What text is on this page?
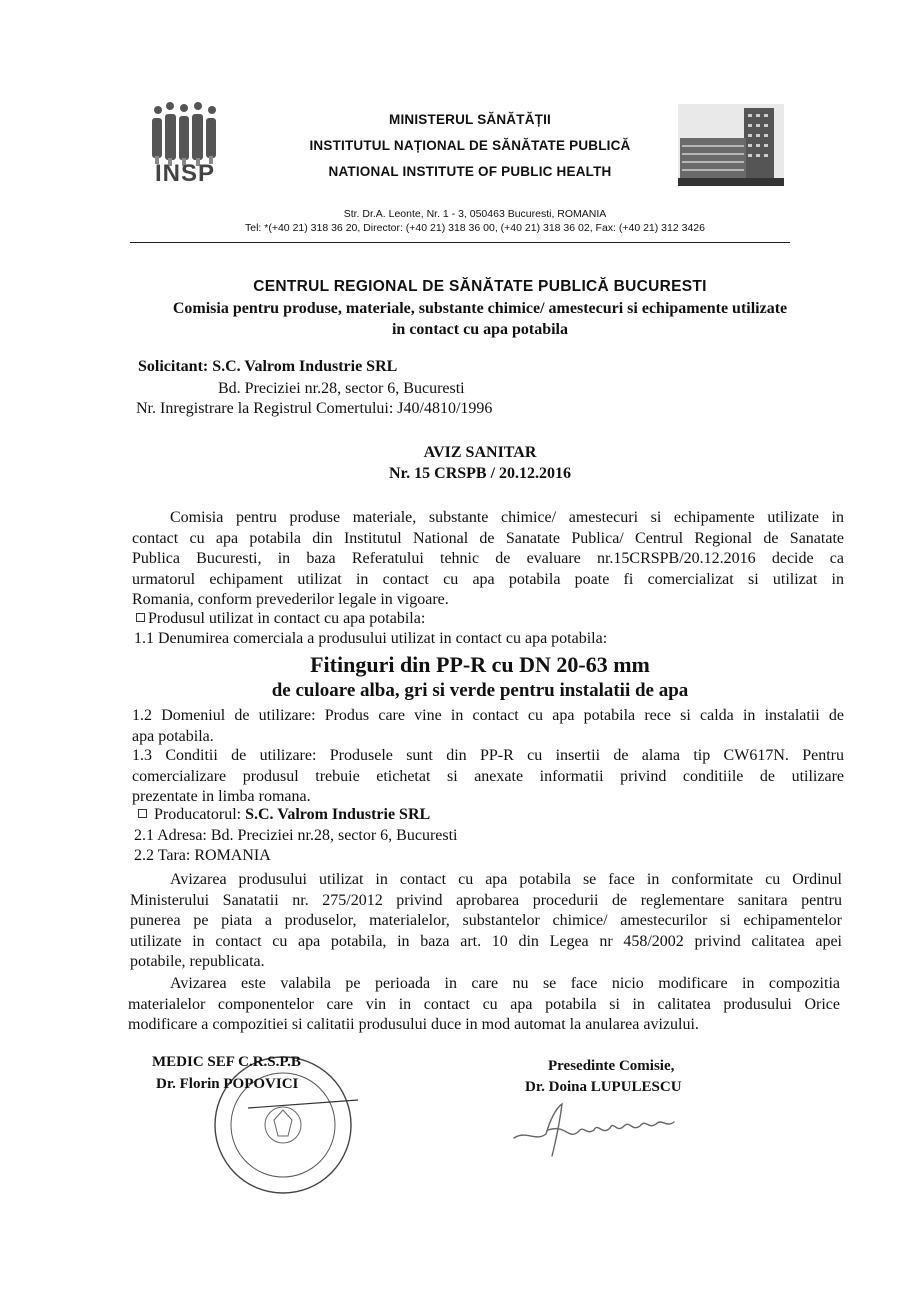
INSP
MINISTERUL SĂNĂTĂȚII
INSTITUTUL NAȚIONAL DE SĂNĂTATE PUBLICĂ
NATIONAL INSTITUTE OF PUBLIC HEALTH
Str. Dr.A. Leonte, Nr. 1 - 3, 050463 Bucuresti, ROMANIA
Tel: *(+40 21) 318 36 20, Director: (+40 21) 318 36 00, (+40 21) 318 36 02, Fax: (+40 21) 312 3426
CENTRUL REGIONAL DE SĂNĂTATE PUBLICĂ BUCURESTI
Comisia pentru produse, materiale, substante chimice/ amestecuri si echipamente utilizate
in contact cu apa potabila
Solicitant: S.C. Valrom Industrie SRL
Bd. Preciziei nr.28, sector 6, Bucuresti
Nr. Inregistrare la Registrul Comertului: J40/4810/1996
AVIZ SANITAR
Nr. 15 CRSPB / 20.12.2016
Comisia pentru produse materiale, substante chimice/ amestecuri si echipamente utilizate in
contact cu apa potabila din Institutul National de Sanatate Publica/ Centrul Regional de Sanatate
Publica Bucuresti, in baza Referatului tehnic de evaluare nr.15CRSPB/20.12.2016 decide ca
urmatorul echipament utilizat in contact cu apa potabila poate fi comercializat si utilizat in
Romania, conform prevederilor legale in vigoare.
Produsul utilizat in contact cu apa potabila:
1.1 Denumirea comerciala a produsului utilizat in contact cu apa potabila:
Fitinguri din PP-R cu DN 20-63 mm
de culoare alba, gri si verde pentru instalatii de apa
1.2 Domeniul de utilizare: Produs care vine in contact cu apa potabila rece si calda in instalatii de
apa potabila.
1.3 Conditii de utilizare: Produsele sunt din PP-R cu insertii de alama tip CW617N. Pentru
comercializare produsul trebuie etichetat si anexate informatii privind conditiile de utilizare
prezentate in limba romana.
Producatorul: S.C. Valrom Industrie SRL
2.1 Adresa: Bd. Preciziei nr.28, sector 6, Bucuresti
2.2 Tara: ROMANIA
Avizarea produsului utilizat in contact cu apa potabila se face in conformitate cu Ordinul
Ministerului Sanatatii nr. 275/2012 privind aprobarea procedurii de reglementare sanitara pentru
punerea pe piata a produselor, materialelor, substantelor chimice/ amestecurilor si echipamentelor
utilizate in contact cu apa potabila, in baza art. 10 din Legea nr 458/2002 privind calitatea apei
potabile, republicata.
Avizarea este valabila pe perioada in care nu se face nicio modificare in compozitia
materialelor componentelor care vin in contact cu apa potabila si in calitatea produsului Orice
modificare a compozitiei si calitatii produsului duce in mod automat la anularea avizului.
MEDIC SEF C.R.S.P.B
Dr. Florin POPOVICI
Presedinte Comisie,
Dr. Doina LUPULESCU
